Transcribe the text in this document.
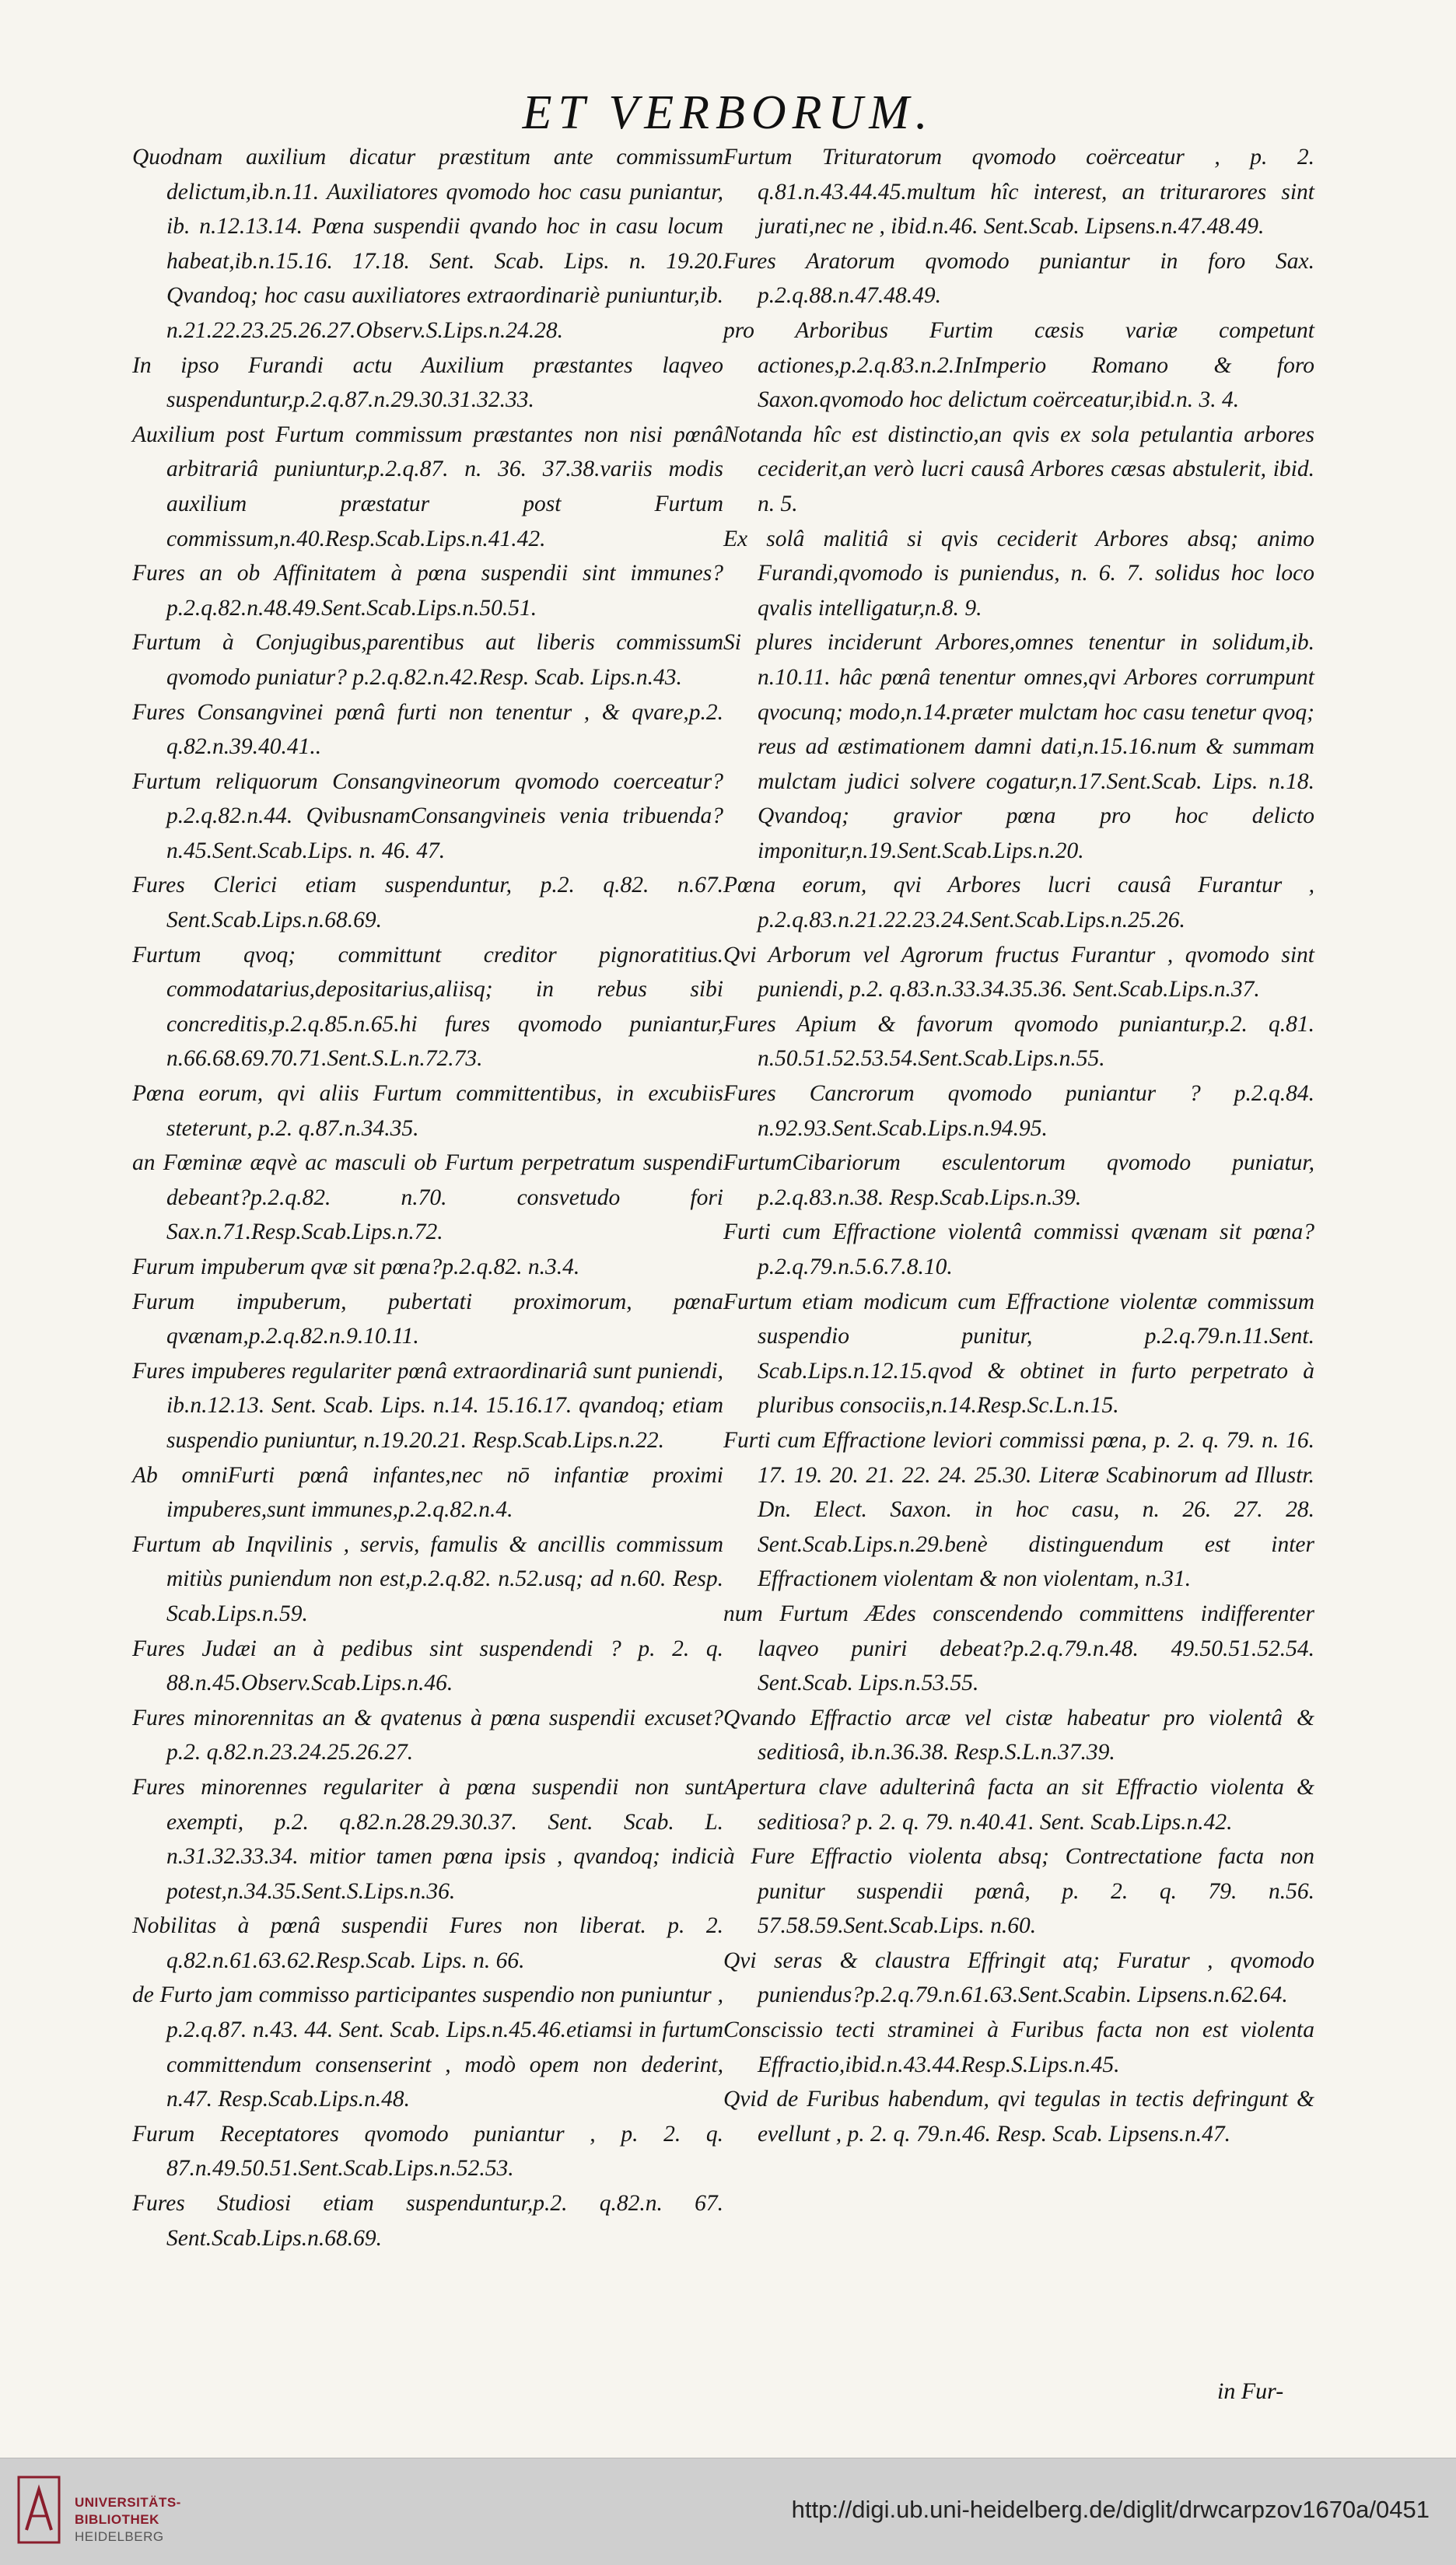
ET VERBORUM.

Quodnam auxilium dicatur præstitum ante commissum delictum,ib.n.11. Auxiliatores qvomodo hoc casu puniantur, ib. n.12.13.14. Pœna suspendii qvando hoc in casu locum habeat,ib.n.15.16. 17.18. Sent. Scab. Lips. n. 19.20. Qvandoq; hoc casu auxiliatores extraordinariè puniuntur,ib. n.21.22.23.25.26.27.Observ.S.Lips.n.24.28.

In ipso Furandi actu Auxilium præstantes laqveo suspenduntur,p.2.q.87.n.29.30.31.32.33.

Auxilium post Furtum commissum præstantes non nisi pœnâ arbitrariâ puniuntur,p.2.q.87. n. 36. 37.38.variis modis auxilium præstatur post Furtum commissum,n.40.Resp.Scab.Lips.n.41.42.

Fures an ob Affinitatem à pœna suspendii sint immunes? p.2.q.82.n.48.49.Sent.Scab.Lips.n.50.51.

Furtum à Conjugibus,parentibus aut liberis commissum qvomodo puniatur? p.2.q.82.n.42.Resp. Scab. Lips.n.43.

Fures Consangvinei pœnâ furti non tenentur , & qvare,p.2. q.82.n.39.40.41..

Furtum reliquorum Consangvineorum qvomodo coerceatur?p.2.q.82.n.44. QvibusnamConsangvineis venia tribuenda? n.45.Sent.Scab.Lips. n. 46. 47.

Fures Clerici etiam suspenduntur, p.2. q.82. n.67. Sent.Scab.Lips.n.68.69.

Furtum qvoq; committunt creditor pignoratitius. commodatarius,depositarius,aliisq; in rebus sibi concreditis,p.2.q.85.n.65.hi fures qvomodo puniantur, n.66.68.69.70.71.Sent.S.L.n.72.73.

Pœna eorum, qvi aliis Furtum committentibus, in excubiis steterunt, p.2. q.87.n.34.35.

an Fœminæ æqvè ac masculi ob Furtum perpetratum suspendi debeant?p.2.q.82. n.70. consvetudo fori Sax.n.71.Resp.Scab.Lips.n.72.

Furum impuberum qvæ sit pœna?p.2.q.82. n.3.4.

Furum impuberum, pubertati proximorum, pœna qvænam,p.2.q.82.n.9.10.11.

Fures impuberes regulariter pœnâ extraordinariâ sunt puniendi, ib.n.12.13. Sent. Scab. Lips. n.14. 15.16.17. qvandoq; etiam suspendio puniuntur, n.19.20.21. Resp.Scab.Lips.n.22.

Ab omniFurti pœnâ infantes,nec nō infantiæ proximi impuberes,sunt immunes,p.2.q.82.n.4.

Furtum ab Inqvilinis , servis, famulis & ancillis commissum mitiùs puniendum non est,p.2.q.82. n.52.usq; ad n.60. Resp. Scab.Lips.n.59.

Fures Judæi an à pedibus sint suspendendi ? p. 2. q. 88.n.45.Observ.Scab.Lips.n.46.

Fures minorennitas an & qvatenus à pœna suspendii excuset? p.2. q.82.n.23.24.25.26.27.

Fures minorennes regulariter à pœna suspendii non sunt exempti, p.2. q.82.n.28.29.30.37. Sent. Scab. L. n.31.32.33.34. mitior tamen pœna ipsis , qvandoq; indici potest,n.34.35.Sent.S.Lips.n.36.

Nobilitas à pœnâ suspendii Fures non liberat. p. 2. q.82.n.61.63.62.Resp.Scab. Lips. n. 66.

de Furto jam commisso participantes suspendio non puniuntur , p.2.q.87. n.43. 44. Sent. Scab. Lips.n.45.46.etiamsi in furtum committendum consenserint , modò opem non dederint, n.47. Resp.Scab.Lips.n.48.

Furum Receptatores qvomodo puniantur , p. 2. q. 87.n.49.50.51.Sent.Scab.Lips.n.52.53.

Fures Studiosi etiam suspenduntur,p.2. q.82.n. 67. Sent.Scab.Lips.n.68.69.

Furtum Trituratorum qvomodo coërceatur , p. 2. q.81.n.43.44.45.multum hîc interest, an triturarores sint jurati,nec ne , ibid.n.46. Sent.Scab. Lipsens.n.47.48.49.

Fures Aratorum qvomodo puniantur in foro Sax. p.2.q.88.n.47.48.49.

pro Arboribus Furtim cæsis variæ competunt actiones,p.2.q.83.n.2.InImperio Romano & foro Saxon.qvomodo hoc delictum coërceatur,ibid.n. 3. 4.

Notanda hîc est distinctio,an qvis ex sola petulantia arbores ceciderit,an verò lucri causâ Arbores cæsas abstulerit, ibid. n. 5.

Ex solâ malitiâ si qvis ceciderit Arbores absq; animo Furandi,qvomodo is puniendus, n. 6. 7. solidus hoc loco qvalis intelligatur,n.8. 9.

Si plures inciderunt Arbores,omnes tenentur in solidum,ib. n.10.11. hâc pœnâ tenentur omnes,qvi Arbores corrumpunt qvocunq; modo,n.14.præter mulctam hoc casu tenetur qvoq; reus ad æstimationem damni dati,n.15.16.num & summam mulctam judici solvere cogatur,n.17.Sent.Scab. Lips. n.18. Qvandoq; gravior pœna pro hoc delicto imponitur,n.19.Sent.Scab.Lips.n.20.

Pœna eorum, qvi Arbores lucri causâ Furantur , p.2.q.83.n.21.22.23.24.Sent.Scab.Lips.n.25.26.

Qvi Arborum vel Agrorum fructus Furantur , qvomodo sint puniendi, p.2. q.83.n.33.34.35.36. Sent.Scab.Lips.n.37.

Fures Apium & favorum qvomodo puniantur,p.2. q.81. n.50.51.52.53.54.Sent.Scab.Lips.n.55.

Fures Cancrorum qvomodo puniantur ? p.2.q.84. n.92.93.Sent.Scab.Lips.n.94.95.

FurtumCibariorum esculentorum qvomodo puniatur, p.2.q.83.n.38. Resp.Scab.Lips.n.39.

Furti cum Effractione violentâ commissi qvænam sit pœna? p.2.q.79.n.5.6.7.8.10.

Furtum etiam modicum cum Effractione violentæ commissum suspendio punitur, p.2.q.79.n.11.Sent. Scab.Lips.n.12.15.qvod & obtinet in furto perpetrato à pluribus consociis,n.14.Resp.Sc.L.n.15.

Furti cum Effractione leviori commissi pœna, p. 2. q. 79. n. 16. 17. 19. 20. 21. 22. 24. 25.30. Literæ Scabinorum ad Illustr. Dn. Elect. Saxon. in hoc casu, n. 26. 27. 28. Sent.Scab.Lips.n.29.benè distinguendum est inter Effractionem violentam & non violentam, n.31.

num Furtum Ædes conscendendo committens indifferenter laqveo puniri debeat?p.2.q.79.n.48. 49.50.51.52.54. Sent.Scab. Lips.n.53.55.

Qvando Effractio arcæ vel cistæ habeatur pro violentâ & seditiosâ, ib.n.36.38. Resp.S.L.n.37.39.

Apertura clave adulterinâ facta an sit Effractio violenta & seditiosa? p. 2. q. 79. n.40.41. Sent. Scab.Lips.n.42.

à Fure Effractio violenta absq; Contrectatione facta non punitur suspendii pœnâ, p. 2. q. 79. n.56. 57.58.59.Sent.Scab.Lips. n.60.

Qvi seras & claustra Effringit atq; Furatur , qvomodo puniendus?p.2.q.79.n.61.63.Sent.Scabin. Lipsens.n.62.64.

Conscissio tecti straminei à Furibus facta non est violenta Effractio,ibid.n.43.44.Resp.S.Lips.n.45.

Qvid de Furibus habendum, qvi tegulas in tectis defringunt & evellunt , p. 2. q. 79.n.46. Resp. Scab. Lipsens.n.47.

in Fur-
UNIVERSITÄTS-
BIBLIOTHEK
HEIDELBERG
http://digi.ub.uni-heidelberg.de/diglit/drwcarpzov1670a/0451
